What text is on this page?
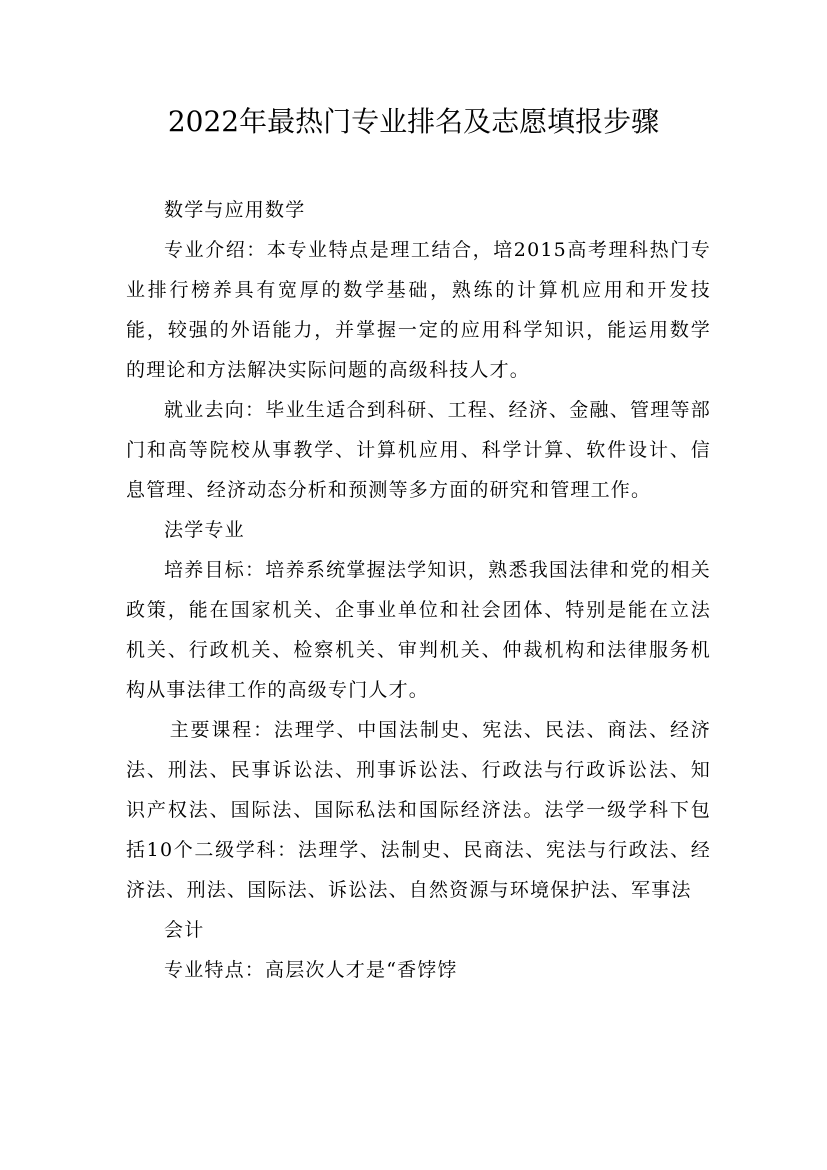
2022年最热门专业排名及志愿填报步骤

数学与应用数学

专业介绍：本专业特点是理工结合，培2015高考理科热门专业排行榜养具有宽厚的数学基础，熟练的计算机应用和开发技能，较强的外语能力，并掌握一定的应用科学知识，能运用数学的理论和方法解决实际问题的高级科技人才。

就业去向：毕业生适合到科研、工程、经济、金融、管理等部门和高等院校从事教学、计算机应用、科学计算、软件设计、信息管理、经济动态分析和预测等多方面的研究和管理工作。

法学专业

培养目标：培养系统掌握法学知识，熟悉我国法律和党的相关政策，能在国家机关、企事业单位和社会团体、特别是能在立法机关、行政机关、检察机关、审判机关、仲裁机构和法律服务机构从事法律工作的高级专门人才。

主要课程：法理学、中国法制史、宪法、民法、商法、经济法、刑法、民事诉讼法、刑事诉讼法、行政法与行政诉讼法、知识产权法、国际法、国际私法和国际经济法。法学一级学科下包括10个二级学科：法理学、法制史、民商法、宪法与行政法、经济法、刑法、国际法、诉讼法、自然资源与环境保护法、军事法

会计

专业特点：高层次人才是“香饽饽
